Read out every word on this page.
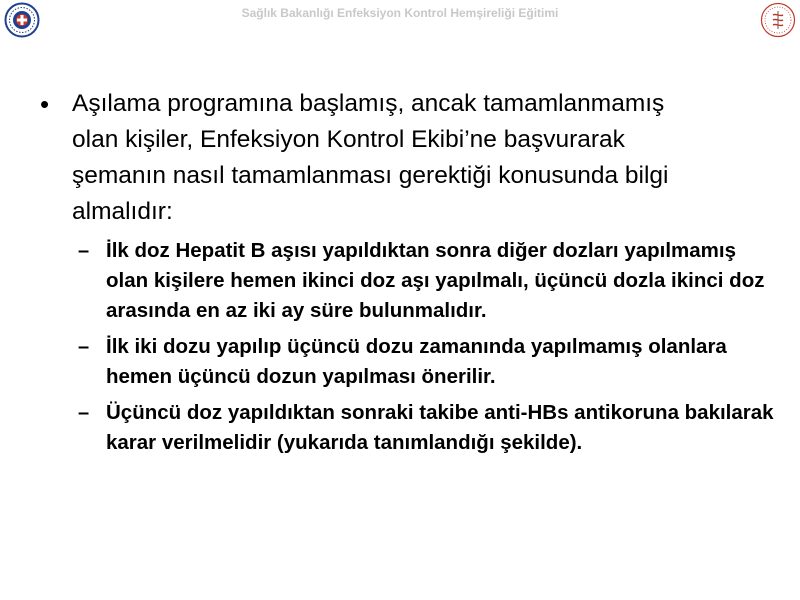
Sağlık Bakanlığı Enfeksiyon Kontrol Hemşireliği Eğitimi
• Aşılama programına başlamış, ancak tamamlanmamış olan kişiler, Enfeksiyon Kontrol Ekibi’ne başvurarak şemanın nasıl tamamlanması gerektiği konusunda bilgi almalıdır:
– İlk doz Hepatit B aşısı yapıldıktan sonra diğer dozları yapılmamış olan kişilere hemen ikinci doz aşı yapılmalı, üçüncü dozla ikinci doz arasında en az iki ay süre bulunmalıdır.
– İlk iki dozu yapılıp üçüncü dozu zamanında yapılmamış olanlara hemen üçüncü dozun yapılması önerilir.
– Üçüncü doz yapıldıktan sonraki takibe anti-HBs antikoruna bakılarak karar verilmelidir (yukarıda tanımlandığı şekilde).
